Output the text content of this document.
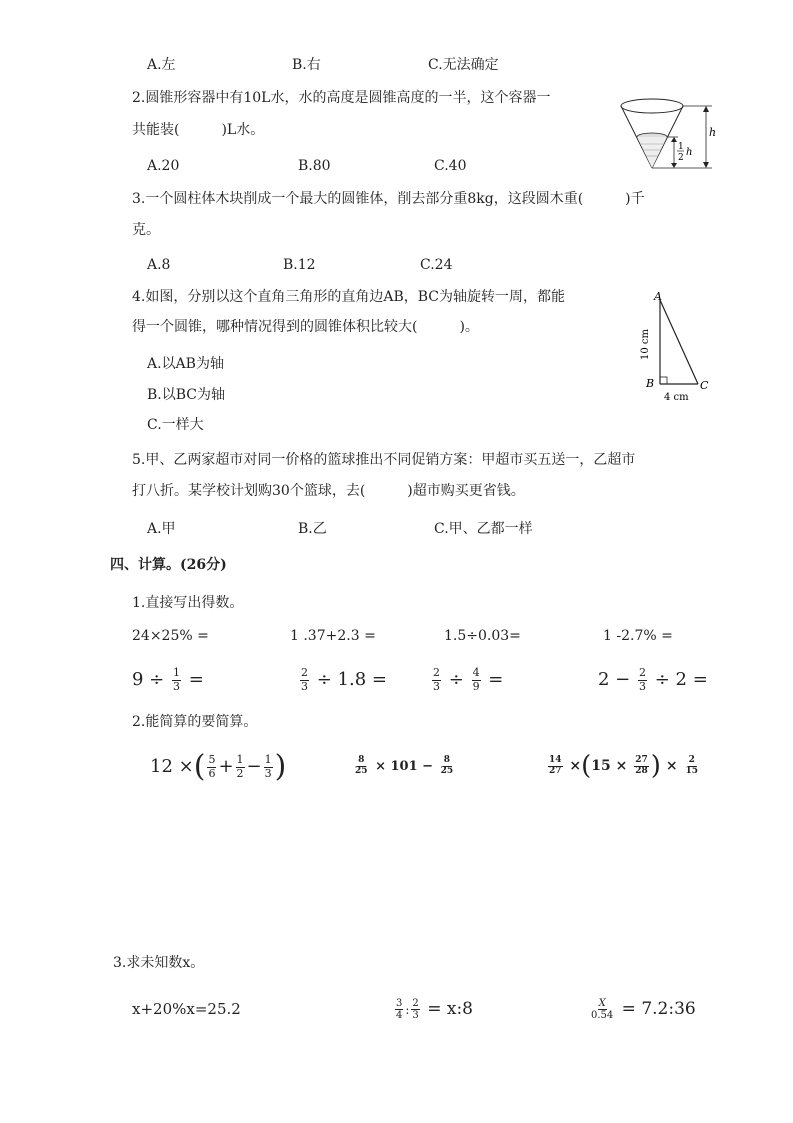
A.左	B.右	C.无法确定
2.圆锥形容器中有10L水，水的高度是圆锥高度的一半，这个容器一
共能装(　　　)L水。
A.20	B.80	C.40
h
1
2 h
3.一个圆柱体木块削成一个最大的圆锥体，削去部分重8kg，这段圆木重(　　　)千
克。
A.8	B.12	C.24
4.如图，分别以这个直角三角形的直角边AB，BC为轴旋转一周，都能
得一个圆锥，哪种情况得到的圆锥体积比较大(　　　)。
A.以AB为轴
B.以BC为轴
C.一样大
A
B	C
10 cm
4 cm
5.甲、乙两家超市对同一价格的篮球推出不同促销方案：甲超市买五送一，乙超市
打八折。某学校计划购30个篮球，去(　　　)超市购买更省钱。
A.甲	B.乙	C.甲、乙都一样
四、计算。(26分)
1.直接写出得数。
24×25% =	1 .37+2.3 =	1.5÷0.03=	1 -2.7% =
$9 \div \frac{1}{3}$ =	$\frac{2}{3} \div 1.8$ =	$\frac{2}{3} \div \frac{4}{9}$ =	$2 - \frac{2}{3} \div 2$ =
2.能简算的要简算。
12 ×( $\frac{5}{6} + \frac{1}{2} - \frac{1}{3}$ )	$\frac{8}{25} \times 101 - \frac{8}{25}$	$\frac{14}{27} \times(15 \times \frac{27}{28}$ ) × $\frac{2}{15}$
3.求未知数x。
x+20%x=25.2	$\frac{3}{4}$ : $\frac{2}{3}$ = x:8	$\frac{X}{0.54}$ = 7.2:36
